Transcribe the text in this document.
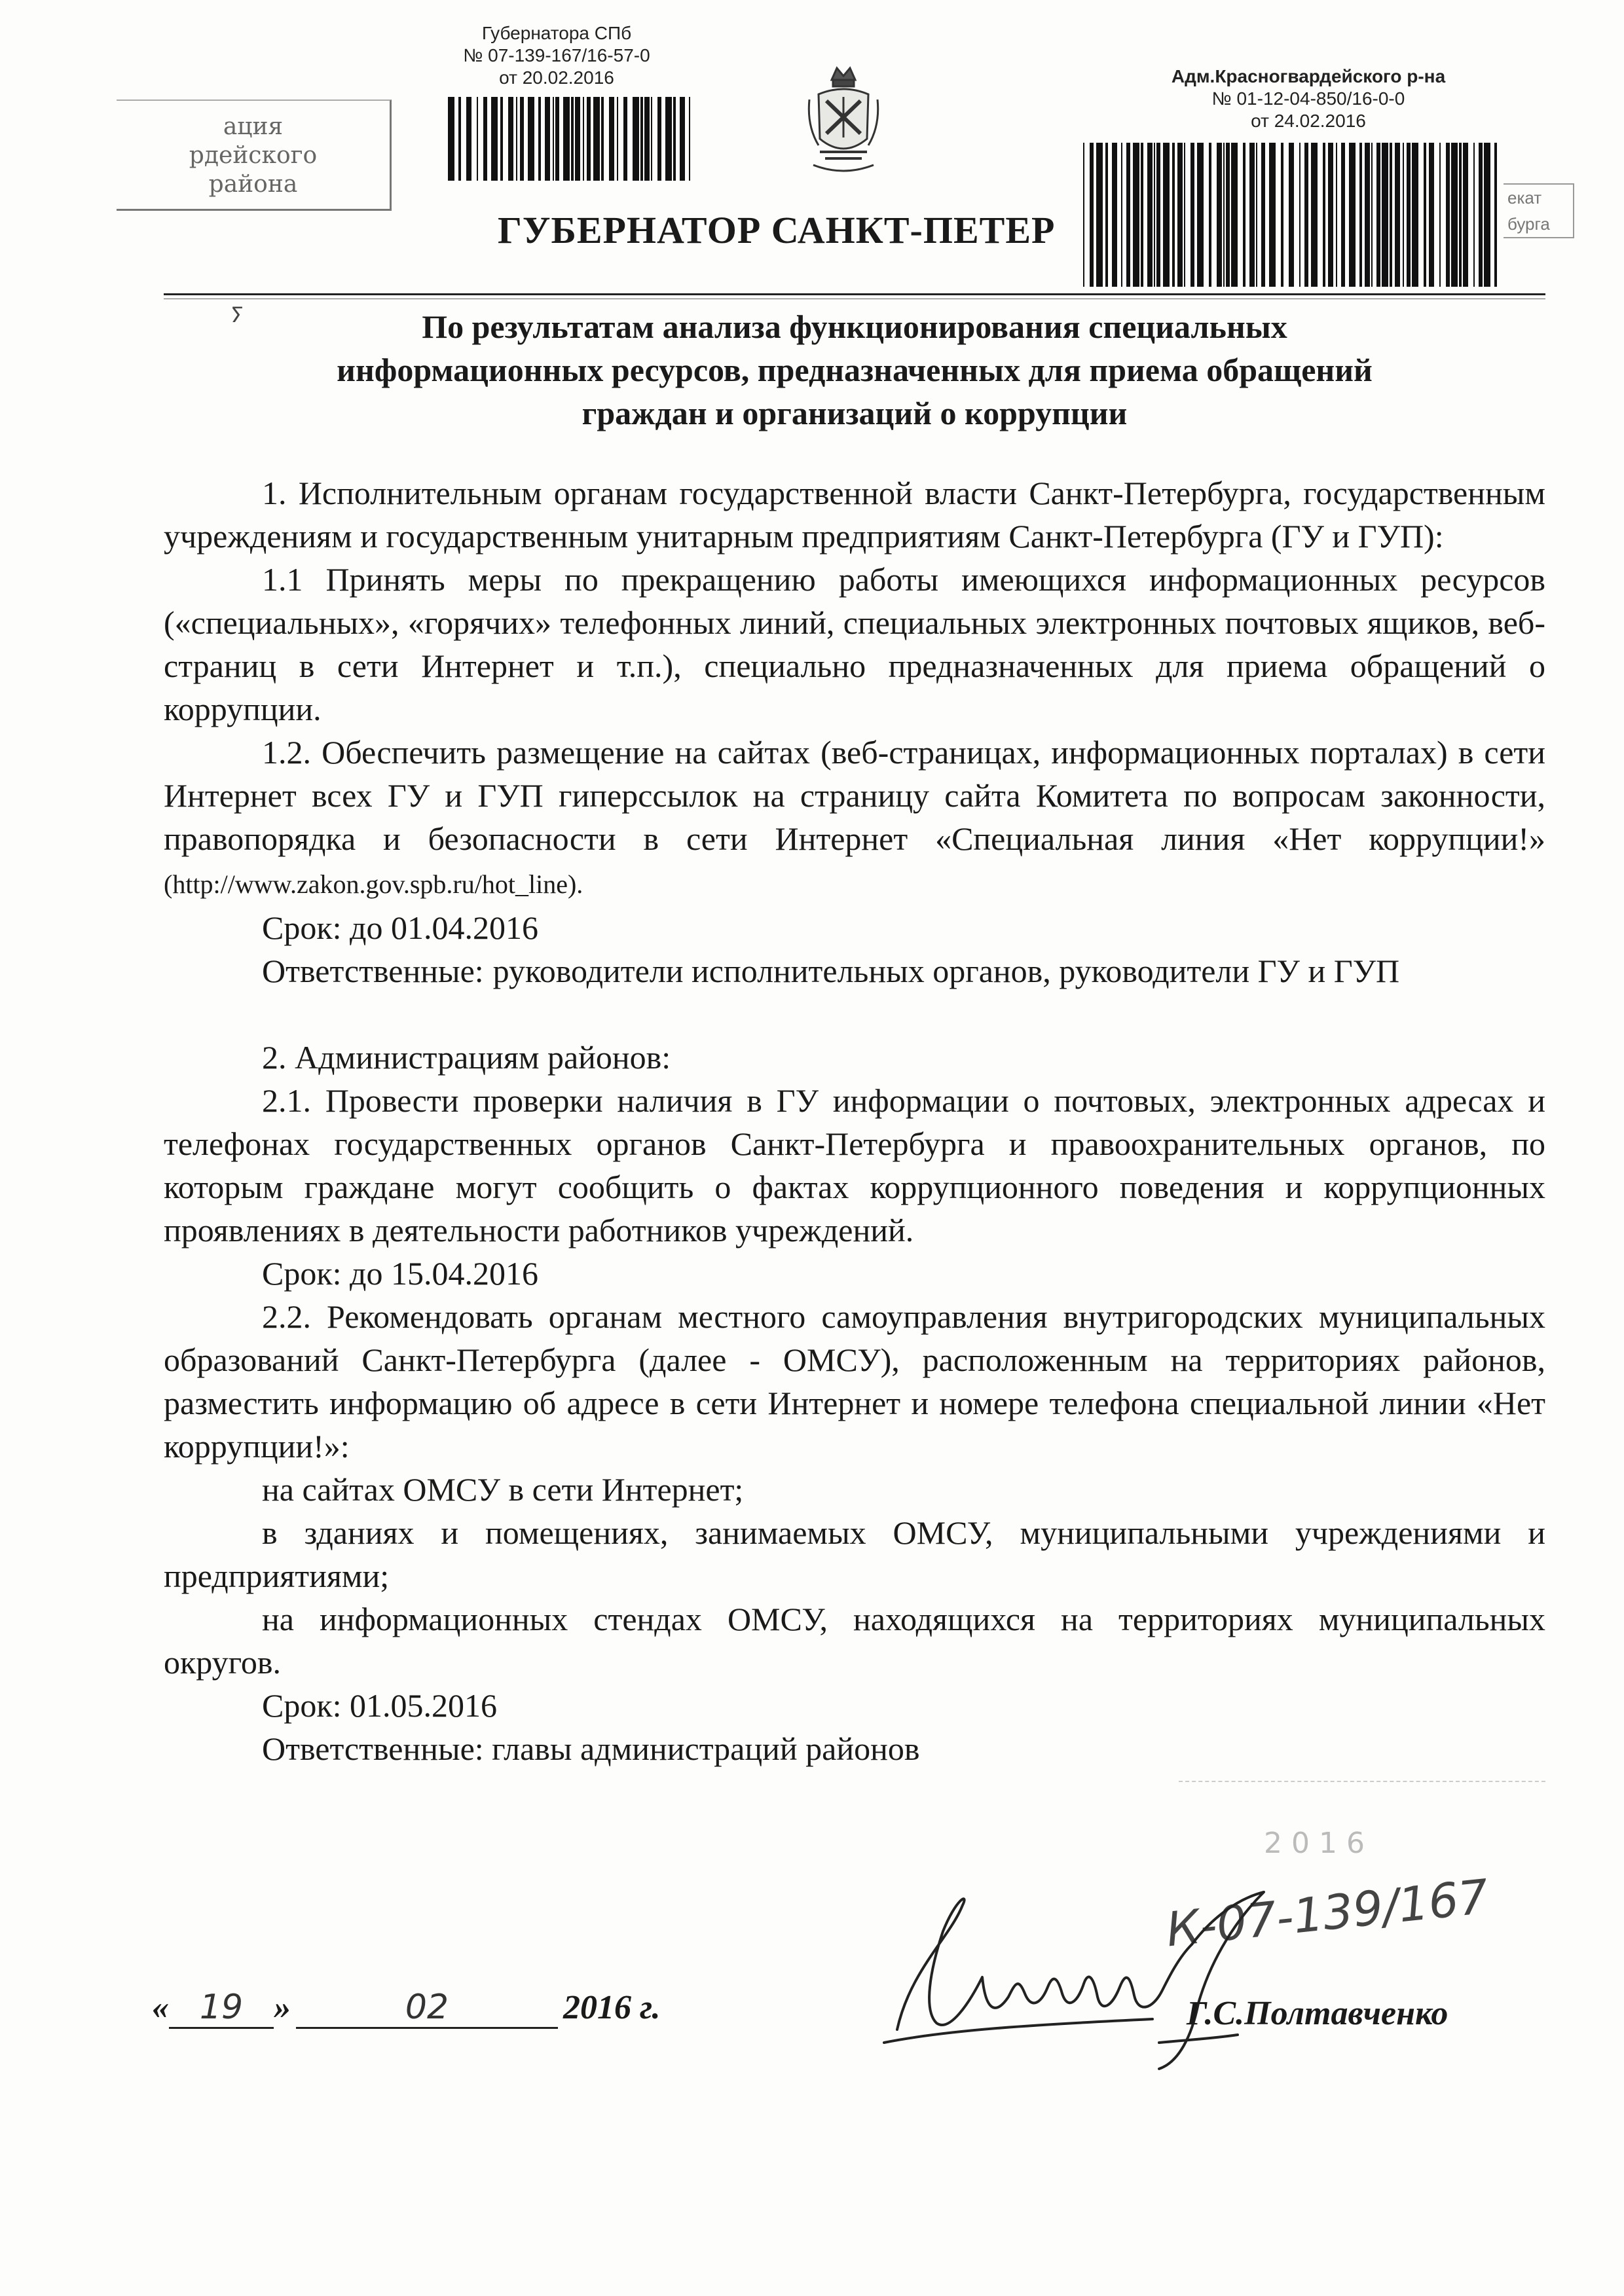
Губернатора СПб
№ 07-139-167/16-57-0
от 20.02.2016
ация
рдейского
района
Адм.Красногвардейского р-на
№ 01-12-04-850/16-0-0
от 24.02.2016
екат
бурга
ГУБЕРНАТОР САНКТ-ПЕТЕР
ⵢ	По результатам анализа функционирования специальных
информационных ресурсов, предназначенных для приема обращений
граждан и организаций о коррупции

1. Исполнительным органам государственной власти Санкт-Петербурга, государственным учреждениям и государственным унитарным предприятиям Санкт-Петербурга (ГУ и ГУП):

1.1 Принять меры по прекращению работы имеющихся информационных ресурсов («специальных», «горячих» телефонных линий, специальных электронных почтовых ящиков, веб-страниц в сети Интернет и т.п.), специально предназначенных для приема обращений о коррупции.

1.2. Обеспечить размещение на сайтах (веб-страницах, информационных порталах) в сети Интернет всех ГУ и ГУП гиперссылок на страницу сайта Комитета по вопросам законности, правопорядка и безопасности в сети Интернет «Специальная линия «Нет коррупции!» (http://www.zakon.gov.spb.ru/hot_line).

Срок: до 01.04.2016

Ответственные: руководители исполнительных органов, руководители ГУ и ГУП

2. Администрациям районов:

2.1. Провести проверки наличия в ГУ информации о почтовых, электронных адресах и телефонах государственных органов Санкт-Петербурга и правоохранительных органов, по которым граждане могут сообщить о фактах коррупционного поведения и коррупционных проявлениях в деятельности работников учреждений.

Срок: до 15.04.2016

2.2. Рекомендовать органам местного самоуправления внутригородских муниципальных образований Санкт-Петербурга (далее - ОМСУ), расположенным на территориях районов, разместить информацию об адресе в сети Интернет и номере телефона специальной линии «Нет коррупции!»:

на сайтах ОМСУ в сети Интернет;

в зданиях и помещениях, занимаемых ОМСУ, муниципальными учреждениями и предприятиями;

на информационных стендах ОМСУ, находящихся на территориях муниципальных округов.

Срок: 01.05.2016

Ответственные: главы администраций районов

2016
К-07-139/167
« 19 »	02	2016 г.	Г.С.Полтавченко
